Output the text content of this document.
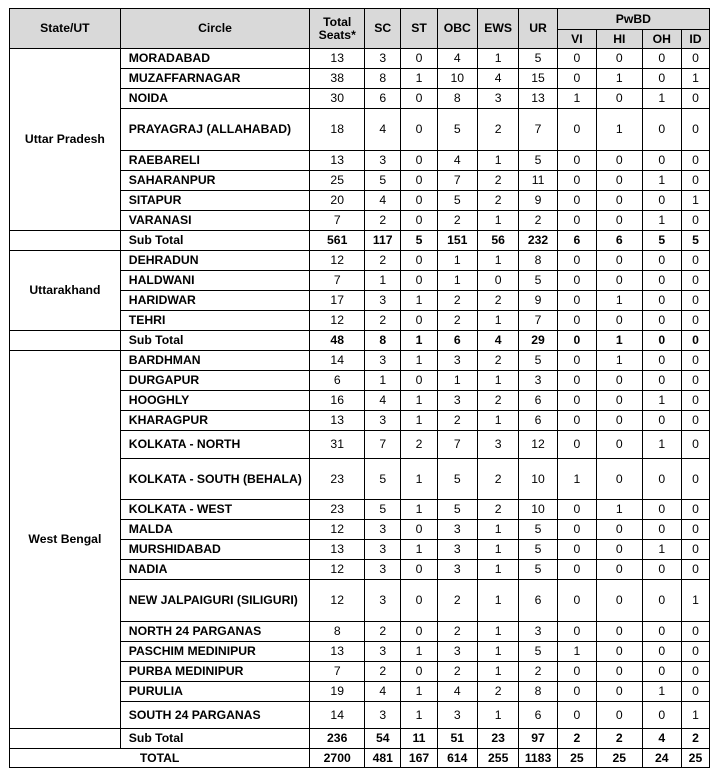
State/UT	Circle	Total Seats*	SC	ST	OBC	EWS	UR	PwBD			
								VI	HI	OH	ID
Uttar Pradesh	MORADABAD	13	3	0	4	1	5	0	0	0	0
	MUZAFFARNAGAR	38	8	1	10	4	15	0	1	0	1
	NOIDA	30	6	0	8	3	13	1	0	1	0
	PRAYAGRAJ (ALLAHABAD)	18	4	0	5	2	7	0	1	0	0
	RAEBARELI	13	3	0	4	1	5	0	0	0	0
	SAHARANPUR	25	5	0	7	2	11	0	0	1	0
	SITAPUR	20	4	0	5	2	9	0	0	0	1
	VARANASI	7	2	0	2	1	2	0	0	1	0
	Sub Total	561	117	5	151	56	232	6	6	5	5
Uttarakhand	DEHRADUN	12	2	0	1	1	8	0	0	0	0
	HALDWANI	7	1	0	1	0	5	0	0	0	0
	HARIDWAR	17	3	1	2	2	9	0	1	0	0
	TEHRI	12	2	0	2	1	7	0	0	0	0
	Sub Total	48	8	1	6	4	29	0	1	0	0
West Bengal	BARDHMAN	14	3	1	3	2	5	0	1	0	0
	DURGAPUR	6	1	0	1	1	3	0	0	0	0
	HOOGHLY	16	4	1	3	2	6	0	0	1	0
	KHARAGPUR	13	3	1	2	1	6	0	0	0	0
	KOLKATA - NORTH	31	7	2	7	3	12	0	0	1	0
	KOLKATA - SOUTH (BEHALA)	23	5	1	5	2	10	1	0	0	0
	KOLKATA - WEST	23	5	1	5	2	10	0	1	0	0
	MALDA	12	3	0	3	1	5	0	0	0	0
	MURSHIDABAD	13	3	1	3	1	5	0	0	1	0
	NADIA	12	3	0	3	1	5	0	0	0	0
	NEW JALPAIGURI (SILIGURI)	12	3	0	2	1	6	0	0	0	1
	NORTH 24 PARGANAS	8	2	0	2	1	3	0	0	0	0
	PASCHIM MEDINIPUR	13	3	1	3	1	5	1	0	0	0
	PURBA MEDINIPUR	7	2	0	2	1	2	0	0	0	0
	PURULIA	19	4	1	4	2	8	0	0	1	0
	SOUTH 24 PARGANAS	14	3	1	3	1	6	0	0	0	1
	Sub Total	236	54	11	51	23	97	2	2	4	2
TOTAL		2700	481	167	614	255	1183	25	25	24	25
